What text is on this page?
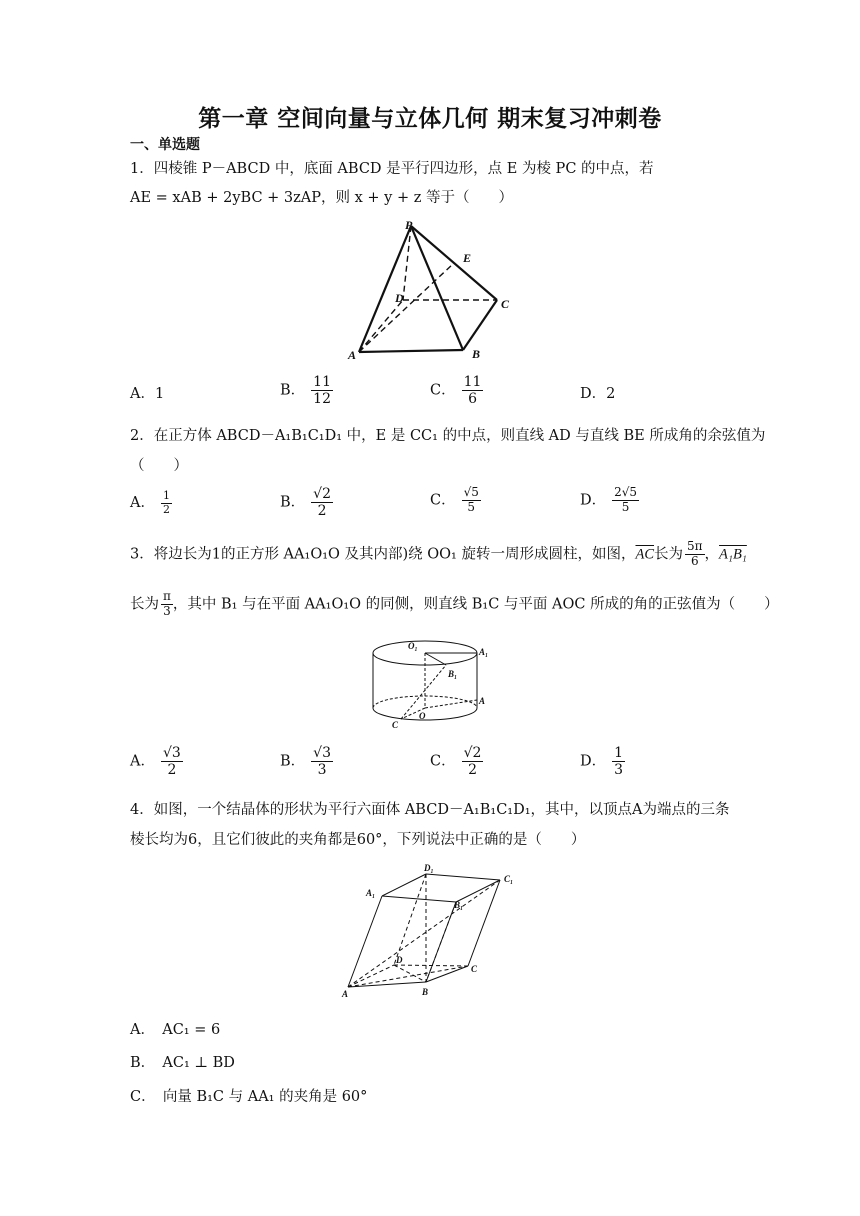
第一章 空间向量与立体几何 期末复习冲刺卷
一、单选题
1．四棱锥 P－ABCD 中，底面 ABCD 是平行四边形，点 E 为棱 PC 的中点，若
AE = xAB + 2yBC + 3zAP，则 x + y + z 等于（　　）
P
E
D	C
A	B
A．1	B． $\frac{11}{12}$	C． $\frac{11}{6}$	D．2
2．在正方体 ABCD－A₁B₁C₁D₁ 中，E 是 CC₁ 的中点，则直线 AD 与直线 BE 所成角的余弦值为
（　　）
A． $\frac{1}{2}$	B． $\frac{√2}{2}$	C． $\frac{√5}{5}$	D． $\frac{2√5}{5}$
3．将边长为1的正方形 AA₁O₁O 及其内部)绕 OO₁ 旋转一周形成圆柱，如图，$\overline{AC}$长为 $\frac{5\pi}{6}$ ，A₁B₁
长为 $\frac{\pi}{3}$ ，其中 B₁ 与在平面 AA₁O₁O 的同侧，则直线 B₁C 与平面 AOC 所成的角的正弦值为（　　）
O₁
A₁
B₁
O
A
C
A． $\frac{√3}{2}$	B． $\frac{√3}{3}$	C． $\frac{√2}{2}$	D． $\frac{1}{3}$
4．如图，一个结晶体的形状为平行六面体 ABCD－A₁B₁C₁D₁，其中，以顶点A为端点的三条
棱长均为6，且它们彼此的夹角都是60°，下列说法中正确的是（　　）
D₁
C₁
A₁
B₁
D
C
A	B
A．　AC₁ = 6
B．　AC₁ ⊥ BD
C．　向量 B₁C 与 AA₁ 的夹角是 60°
